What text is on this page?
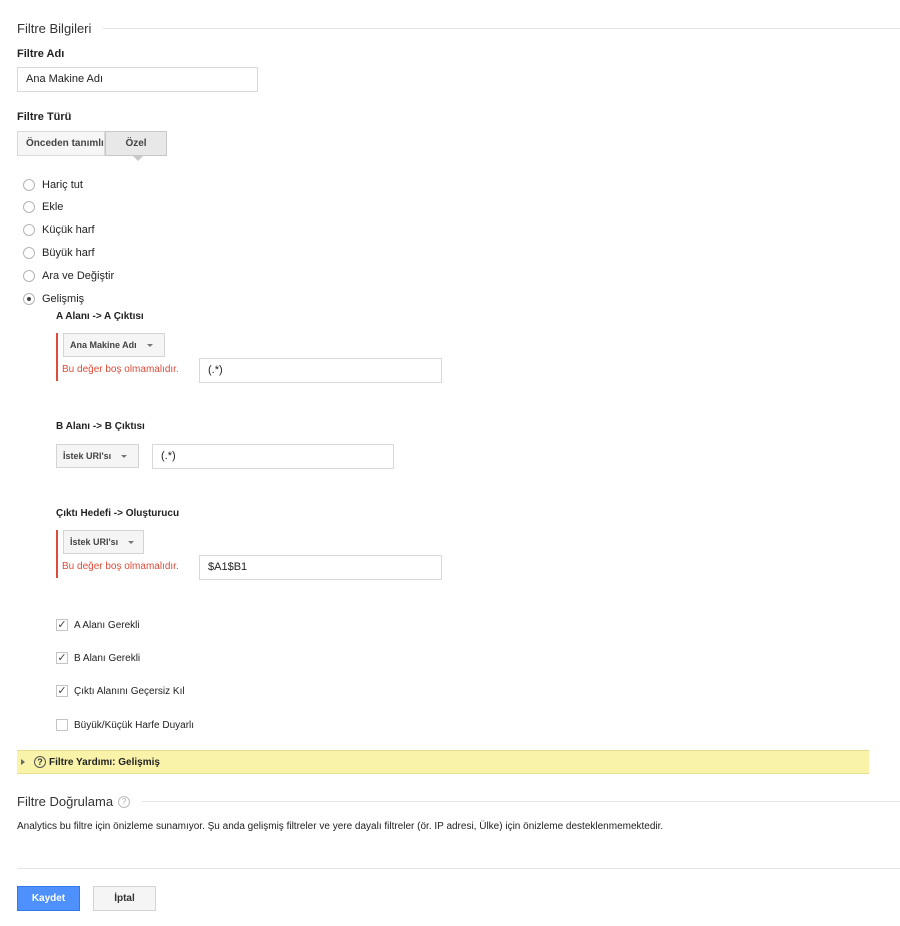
Filtre Bilgileri
Filtre Adı
Ana Makine Adı
Filtre Türü
Önceden tanımlı	Özel
Hariç tut
Ekle
Küçük harf
Büyük harf
Ara ve Değiştir
Gelişmiş
A Alanı -> A Çıktısı
Ana Makine Adı
Bu değer boş olmamalıdır.	(.*)
B Alanı -> B Çıktısı
İstek URI'sı	(.*)
Çıktı Hedefi -> Oluşturucu
İstek URI'sı
Bu değer boş olmamalıdır.	$A1$B1
✓ A Alanı Gerekli
✓ B Alanı Gerekli
✓ Çıktı Alanını Geçersiz Kıl
Büyük/Küçük Harfe Duyarlı
? Filtre Yardımı: Gelişmiş
Filtre Doğrulama	?
Analytics bu filtre için önizleme sunamıyor. Şu anda gelişmiş filtreler ve yere dayalı filtreler (ör. IP adresi, Ülke) için önizleme desteklenmemektedir.
Kaydet	İptal
